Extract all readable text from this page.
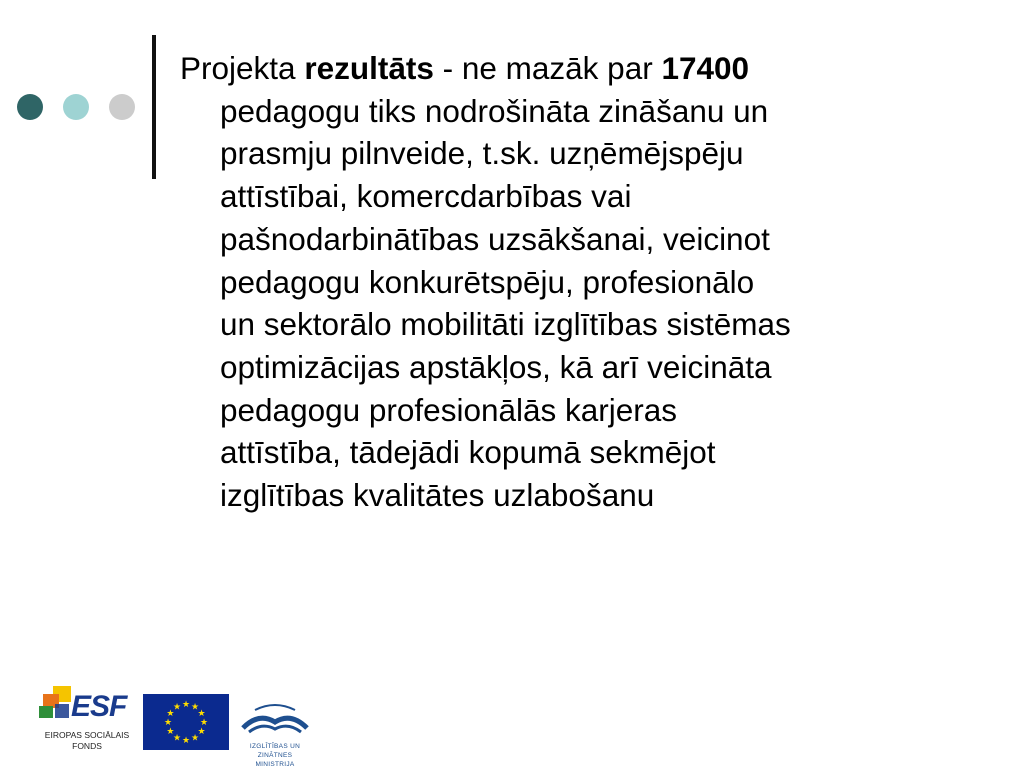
Projekta rezultāts - ne mazāk par 17400
pedagogu tiks nodrošināta zināšanu un
prasmju pilnveide, t.sk. uzņēmējspēju
attīstībai, komercdarbības vai
pašnodarbinātības uzsākšanai, veicinot
pedagogu konkurētspēju, profesionālo
un sektorālo mobilitāti izglītības sistēmas
optimizācijas apstākļos, kā arī veicināta
pedagogu profesionālās karjeras
attīstība, tādejādi kopumā sekmējot
izglītības kvalitātes uzlabošanu

ESF
EIROPAS SOCIĀLAIS
FONDS
★ ★
★
★
★
★
★
★
★
★
★
★
IZGLĪTĪBAS UN ZINĀTNES
MINISTRIJA
